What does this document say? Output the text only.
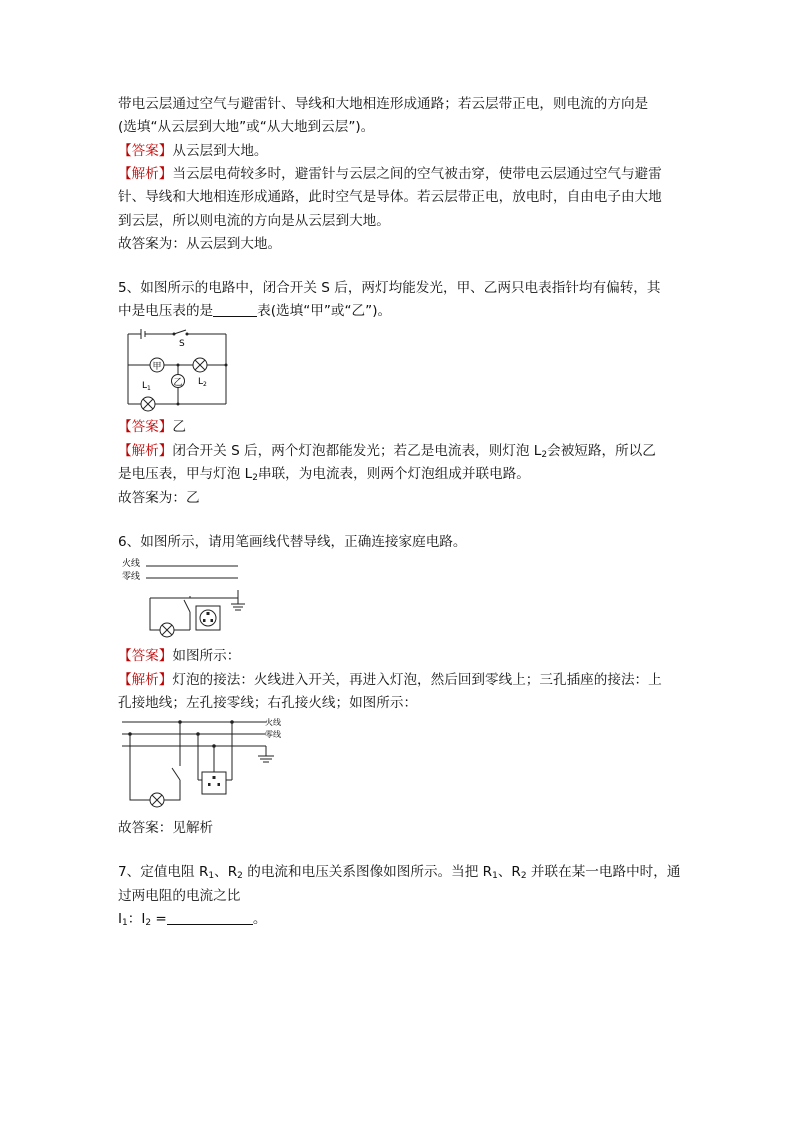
带电云层通过空气与避雷针、导线和大地相连形成通路；若云层带正电，则电流的方向是
(选填“从云层到大地”或“从大地到云层”)。
【答案】从云层到大地。
【解析】当云层电荷较多时，避雷针与云层之间的空气被击穿，使带电云层通过空气与避雷
针、导线和大地相连形成通路，此时空气是导体。若云层带正电，放电时，自由电子由大地
到云层，所以则电流的方向是从云层到大地。
故答案为：从云层到大地。
5、如图所示的电路中，闭合开关 S 后，两灯均能发光，甲、乙两只电表指针均有偏转，其
中是电压表的是	表(选填“甲”或“乙”)。
甲
乙
S
$L_1$
$L_2$
【答案】乙
【解析】闭合开关 S 后，两个灯泡都能发光；若乙是电流表，则灯泡 $L_2$会被短路，所以乙
是电压表，甲与灯泡 $L_2$串联，为电流表，则两个灯泡组成并联电路。
故答案为：乙
6、如图所示，请用笔画线代替导线，正确连接家庭电路。
火线
零线
【答案】如图所示：
【解析】灯泡的接法：火线进入开关，再进入灯泡，然后回到零线上；三孔插座的接法：上
孔接地线；左孔接零线；右孔接火线；如图所示：
火线
零线
故答案：见解析
7、定值电阻 $R_1$、$R_2$ 的电流和电压关系图像如图所示。当把 $R_1$、$R_2$ 并联在某一电路中时，通
过两电阻的电流之比
$I_1$：$I_2$ =	。
